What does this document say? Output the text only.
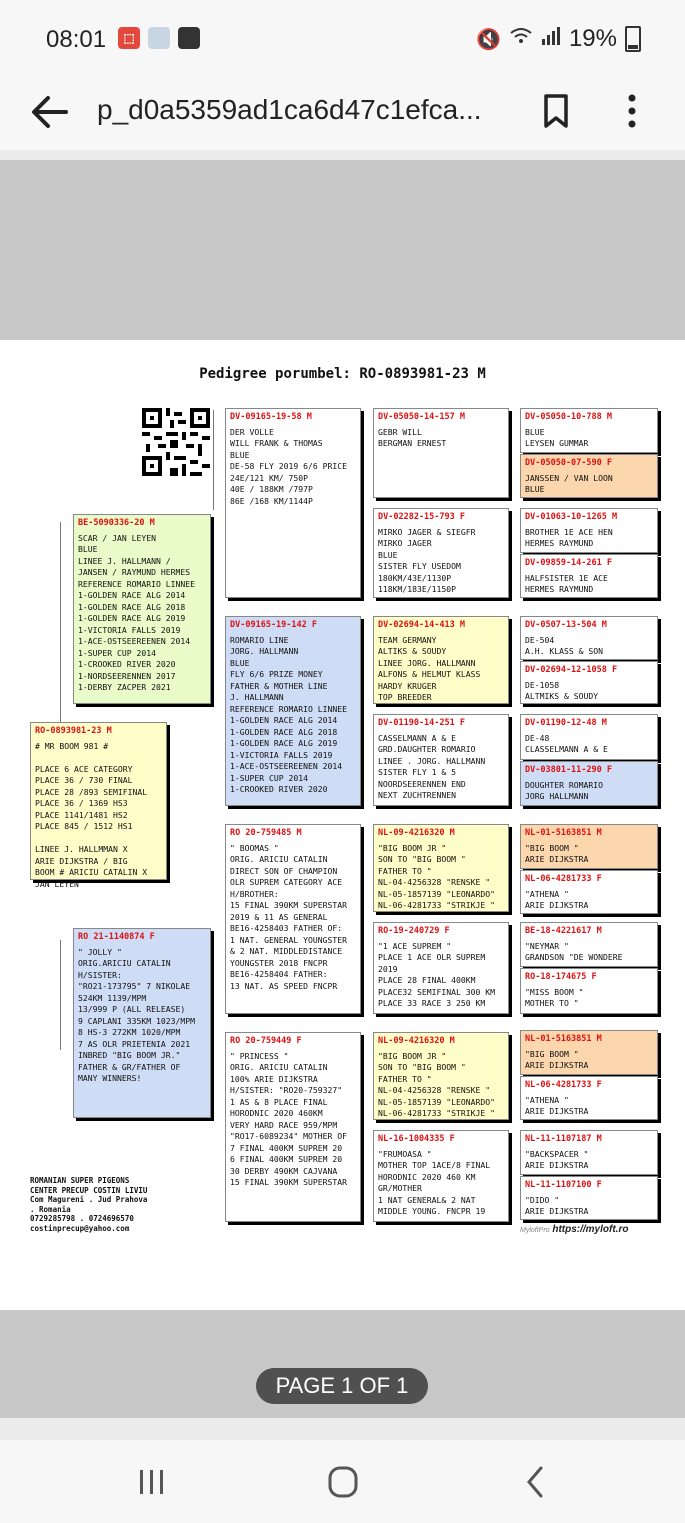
08:01	⬚	🔇	19%
p_d0a5359ad1ca6d47c1efca...
Pedigree porumbel: RO-0893981-23 M
RO-0893981-23 M
# MR BOOM 981 #

PLACE 6 ACE CATEGORY
PLACE 36 / 730 FINAL
PLACE 28 /893 SEMIFINAL
PLACE 36 / 1369 HS3
PLACE 1141/1481 HS2
PLACE 845 / 1512 HS1

LINEE J. HALLMMAN X
ARIE DIJKSTRA / BIG
BOOM # ARICIU CATALIN X
JAN LEYEN
BE-5090336-20 M
SCAR / JAN LEYEN
BLUE
LINEE J. HALLMANN /
JANSEN / RAYMUND HERMES
REFERENCE ROMARIO LINNEE
1-GOLDEN RACE ALG 2014
1-GOLDEN RACE ALG 2018
1-GOLDEN RACE ALG 2019
1-VICTORIA FALLS 2019
1-ACE-OSTSEEREENEN 2014
1-SUPER CUP 2014
1-CROOKED RIVER 2020
1-NORDSEERENNEN 2017
1-DERBY ZACPER 2021
RO 21-1140874 F
" JOLLY "
ORIG.ARICIU CATALIN
H/SISTER:
"RO21-173795" 7 NIKOLAE
524KM 1139/MPM
13/999 P (ALL RELEASE)
9 CAPLANI 335KM 1023/MPM
8 HS-3 272KM 1020/MPM
7 AS OLR PRIETENIA 2021
INBRED "BIG BOOM JR."
FATHER & GR/FATHER OF
MANY WINNERS!
DV-09165-19-58 M
DER VOLLE
WILL FRANK & THOMAS
BLUE
DE-58 FLY 2019 6/6 PRICE
24E/121 KM/ 750P
40E / 188KM /797P
86E /168 KM/1144P
DV-09165-19-142 F
ROMARIO LINE
JORG. HALLMANN
BLUE
FLY 6/6 PRIZE MONEY
FATHER & MOTHER LINE
J. HALLMANN
REFERENCE ROMARIO LINNEE
1-GOLDEN RACE ALG 2014
1-GOLDEN RACE ALG 2018
1-GOLDEN RACE ALG 2019
1-VICTORIA FALLS 2019
1-ACE-OSTSEEREENEN 2014
1-SUPER CUP 2014
1-CROOKED RIVER 2020
RO 20-759485 M
" BOOMAS "
ORIG. ARICIU CATALIN
DIRECT SON OF CHAMPION
OLR SUPREM CATEGORY ACE
H/BROTHER:
15 FINAL 390KM SUPERSTAR
2019 & 11 AS GENERAL
BE16-4258403 FATHER OF:
1 NAT. GENERAL YOUNGSTER
& 2 NAT. MIDDLEDISTANCE
YOUNGSTER 2018 FNCPR
BE16-4258404 FATHER:
13 NAT. AS SPEED FNCPR
RO 20-759449 F
" PRINCESS "
ORIG. ARICIU CATALIN
100% ARIE DIJKSTRA
H/SISTER: "RO20-759327"
1 AS & 8 PLACE FINAL
HORODNIC 2020 460KM
VERY HARD RACE 959/MPM
"RO17-6089234" MOTHER OF
7 FINAL 400KM SUPREM 20
6 FINAL 400KM SUPREM 20
30 DERBY 490KM CAJVANA
15 FINAL 390KM SUPERSTAR
DV-05050-14-157 M
GEBR WILL
BERGMAN ERNEST
DV-02282-15-793 F
MIRKO JAGER & SIEGFR
MIRKO JAGER
BLUE
SISTER FLY USEDOM
180KM/43E/1130P
118KM/183E/1150P
DV-02694-14-413 M
TEAM GERMANY
ALTIKS & SOUDY
LINEE JORG. HALLMANN
ALFONS & HELMUT KLASS
HARDY KRUGER
TOP BREEDER
DV-01190-14-251 F
CASSELMANN A & E
GRD.DAUGHTER ROMARIO
LINEE . JORG. HALLMANN
SISTER FLY 1 & 5
NOORDSEERENNEN END
NEXT ZUCHTRENNEN
NL-09-4216320 M
"BIG BOOM JR "
SON TO "BIG BOOM "
FATHER TO "
NL-04-4256328 "RENSKE "
NL-05-1857139 "LEONARDO"
NL-06-4281733 "STRIKJE "
RO-19-240729 F
"1 ACE SUPREM "
PLACE 1 ACE OLR SUPREM
2019
PLACE 28 FINAL 400KM
PLACE32 SEMIFINAL 300 KM
PLACE 33 RACE 3 250 KM
NL-09-4216320 M
"BIG BOOM JR "
SON TO "BIG BOOM "
FATHER TO "
NL-04-4256328 "RENSKE "
NL-05-1857139 "LEONARDO"
NL-06-4281733 "STRIKJE "
NL-16-1004335 F
"FRUMOASA "
MOTHER TOP 1ACE/8 FINAL
HORODNIC 2020 460 KM
GR/MOTHER
1 NAT GENERAL& 2 NAT
MIDDLE YOUNG. FNCPR 19
DV-05050-10-788 M
BLUE
LEYSEN GUMMAR
DV-05050-07-590 F
JANSSEN / VAN LOON
BLUE
DV-01063-10-1265 M
BROTHER 1E ACE HEN
HERMES RAYMUND
DV-09859-14-261 F
HALFSISTER 1E ACE
HERMES RAYMUND
DV-0507-13-504 M
DE-504
A.H. KLASS & SON
DV-02694-12-1058 F
DE-1058
ALTMIKS & SOUDY
DV-01190-12-48 M
DE-48
CLASSELMANN A & E
DV-03801-11-290 F
DOUGHTER ROMARIO
JORG HALLMANN
NL-01-5163851 M
"BIG BOOM "
ARIE DIJKSTRA
NL-06-4281733 F
"ATHENA "
ARIE DIJKSTRA
BE-18-4221617 M
"NEYMAR "
GRANDSON "DE WONDERE
RO-18-174675 F
"MISS BOOM "
MOTHER TO "
NL-01-5163851 M
"BIG BOOM "
ARIE DIJKSTRA
NL-06-4281733 F
"ATHENA "
ARIE DIJKSTRA
NL-11-1107187 M
"BACKSPACER "
ARIE DIJKSTRA
NL-11-1107100 F
"DIDO "
ARIE DIJKSTRA
ROMANIAN SUPER PIGEONS
CENTER PRECUP COSTIN LIVIU
Com Magureni . Jud Prahova
. Romania
0729285798 . 0724696570
costinprecup@yahoo.com	MyloftPro https://myloft.ro
PAGE 1 OF 1
